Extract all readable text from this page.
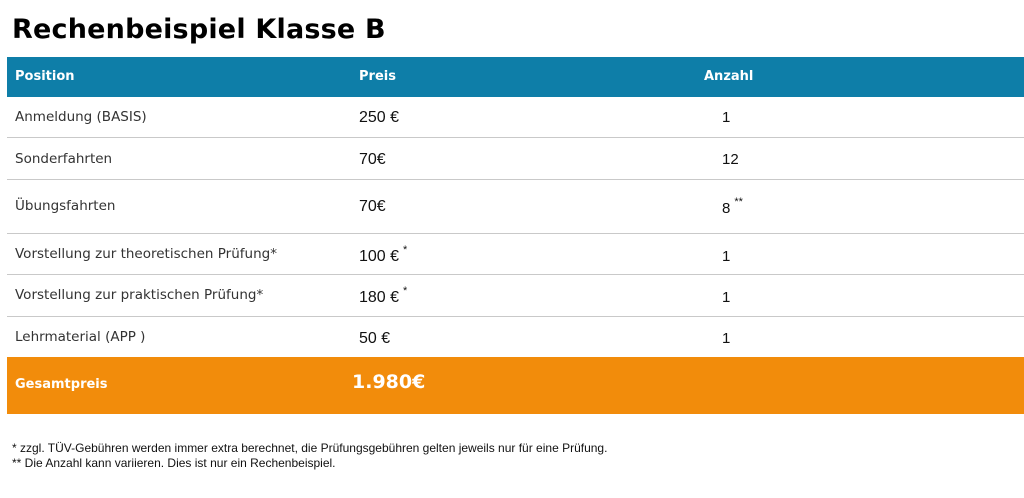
Rechenbeispiel Klasse B
Position	Preis	Anzahl
Anmeldung (BASIS)	250 €	1
Sonderfahrten	70€	12
Übungsfahrten	70€	8 **
Vorstellung zur theoretischen Prüfung*	100 € *	1
Vorstellung zur praktischen Prüfung*	180 € *	1
Lehrmaterial (APP )	50 €	1
Gesamtpreis	1.980€
* zzgl. TÜV-Gebühren werden immer extra berechnet, die Prüfungsgebühren gelten jeweils nur für eine Prüfung.
** Die Anzahl kann variieren. Dies ist nur ein Rechenbeispiel.
